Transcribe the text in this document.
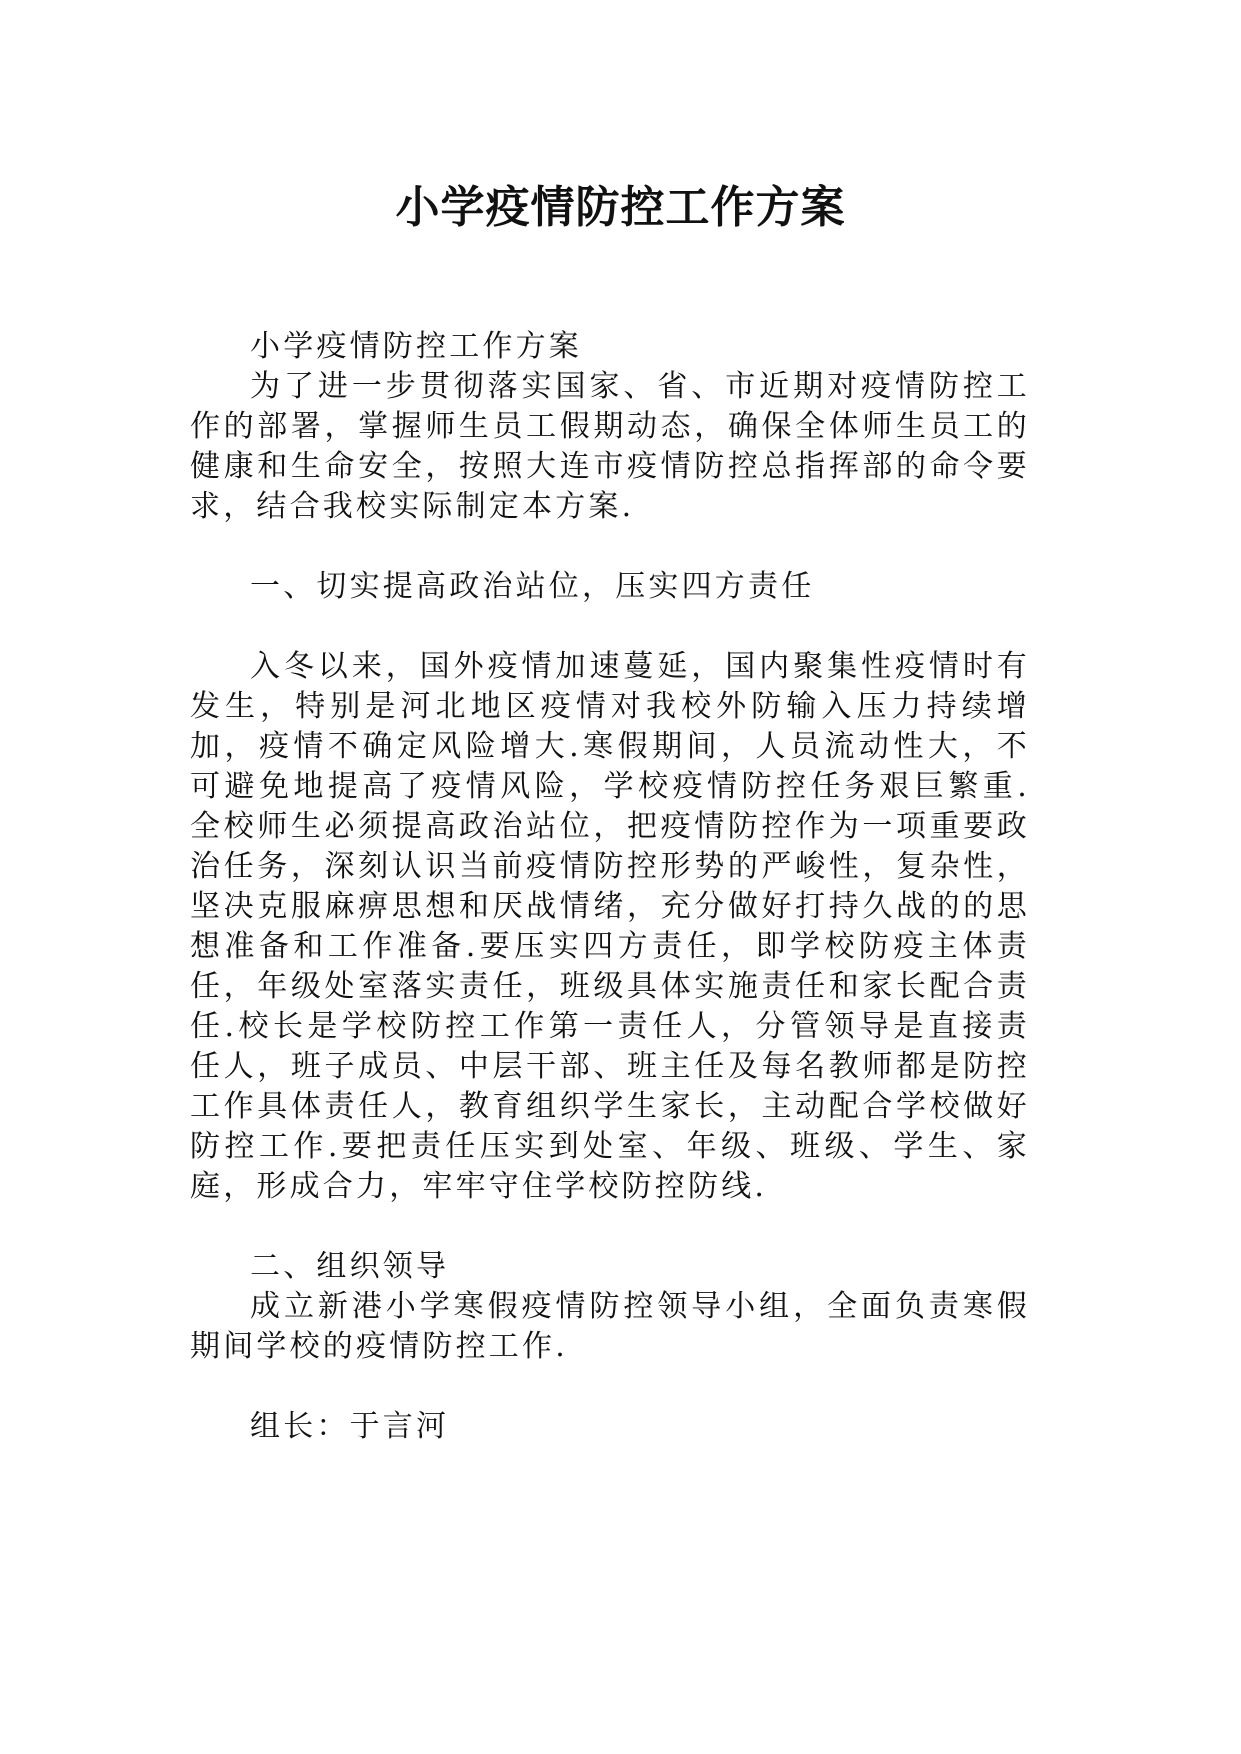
小学疫情防控工作方案

小学疫情防控工作方案

为了进一步贯彻落实国家、省、市近期对疫情防控工作的部署，掌握师生员工假期动态，确保全体师生员工的健康和生命安全，按照大连市疫情防控总指挥部的命令要求，结合我校实际制定本方案.

一、切实提高政治站位，压实四方责任

入冬以来，国外疫情加速蔓延，国内聚集性疫情时有发生，特别是河北地区疫情对我校外防输入压力持续增加，疫情不确定风险增大.寒假期间，人员流动性大，不可避免地提高了疫情风险，学校疫情防控任务艰巨繁重.全校师生必须提高政治站位，把疫情防控作为一项重要政治任务，深刻认识当前疫情防控形势的严峻性，复杂性，坚决克服麻痹思想和厌战情绪，充分做好打持久战的的思想准备和工作准备.要压实四方责任，即学校防疫主体责任，年级处室落实责任，班级具体实施责任和家长配合责任.校长是学校防控工作第一责任人，分管领导是直接责任人，班子成员、中层干部、班主任及每名教师都是防控工作具体责任人，教育组织学生家长，主动配合学校做好防控工作.要把责任压实到处室、年级、班级、学生、家庭，形成合力，牢牢守住学校防控防线.

二、组织领导

成立新港小学寒假疫情防控领导小组，全面负责寒假期间学校的疫情防控工作.

组长：于言河
